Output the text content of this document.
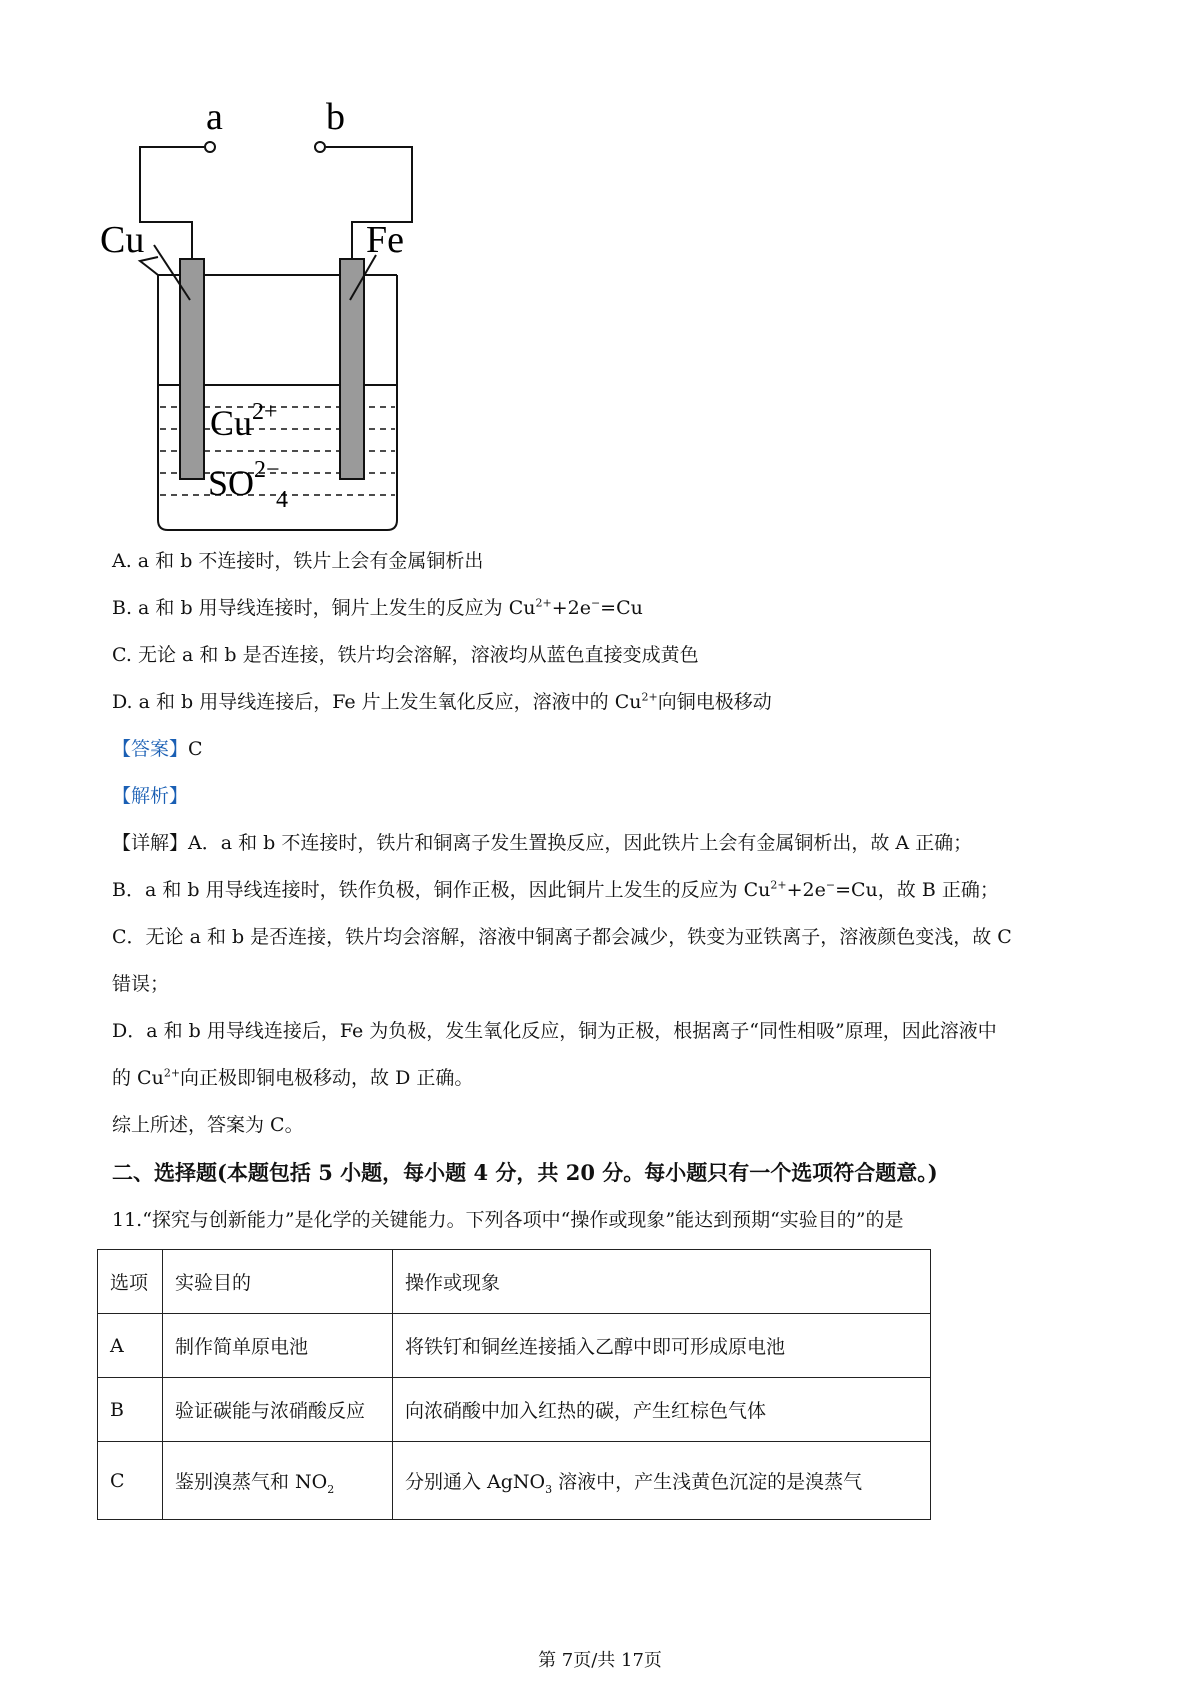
a	b
Cu	Fe
$Cu^{2+}$
$SO^{2-}$ 4
A. a 和 b 不连接时，铁片上会有金属铜析出
B. a 和 b 用导线连接时，铜片上发生的反应为 $Cu^{2+}+2e^-=Cu$
C. 无论 a 和 b 是否连接，铁片均会溶解，溶液均从蓝色直接变成黄色
D. a 和 b 用导线连接后，Fe 片上发生氧化反应，溶液中的 $Cu^{2+}$向铜电极移动
【答案】C
【解析】
【详解】A．a 和 b 不连接时，铁片和铜离子发生置换反应，因此铁片上会有金属铜析出，故 A 正确；
B．a 和 b 用导线连接时，铁作负极，铜作正极，因此铜片上发生的反应为 $Cu^{2+}+2e^-=Cu$，故 B 正确；
C．无论 a 和 b 是否连接，铁片均会溶解，溶液中铜离子都会减少，铁变为亚铁离子，溶液颜色变浅，故 C
错误；
D．a 和 b 用导线连接后，Fe 为负极，发生氧化反应，铜为正极，根据离子“同性相吸”原理，因此溶液中
的 $Cu^{2+}$向正极即铜电极移动，故 D 正确。
综上所述，答案为 C。
二、选择题(本题包括 5 小题，每小题 4 分，共 20 分。每小题只有一个选项符合题意。)
11.“探究与创新能力”是化学的关键能力。下列各项中“操作或现象”能达到预期“实验目的”的是
选项	实验目的	操作或现象
A	制作简单原电池	将铁钉和铜丝连接插入乙醇中即可形成原电池
B	验证碳能与浓硝酸反应	向浓硝酸中加入红热的碳，产生红棕色气体
C	鉴别溴蒸气和 $NO_2$	分别通入 AgNO$_3$ 溶液中，产生浅黄色沉淀的是溴蒸气
第 7页/共 17页
